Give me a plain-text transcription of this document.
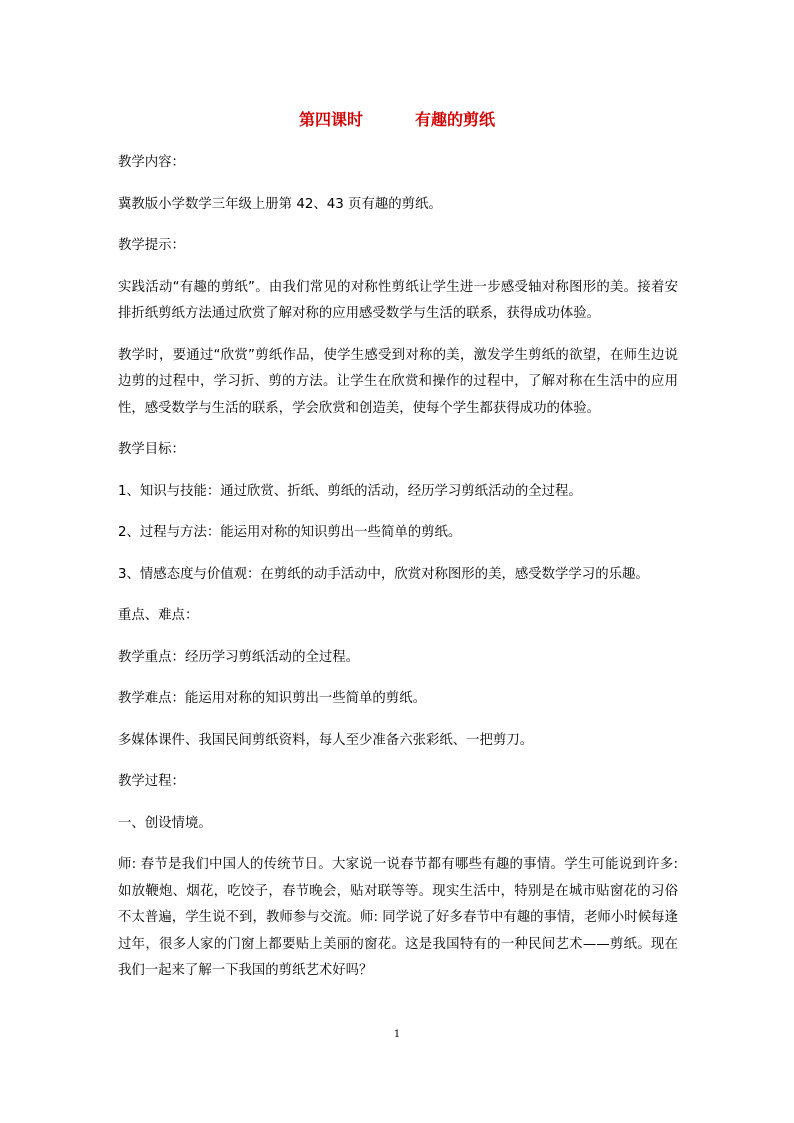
第四课时	有趣的剪纸

教学内容：

冀教版小学数学三年级上册第 42、43 页有趣的剪纸。

教学提示：

实践活动“有趣的剪纸”。由我们常见的对称性剪纸让学生进一步感受轴对称图形的美。接着安排折纸剪纸方法通过欣赏了解对称的应用感受数学与生活的联系，获得成功体验。

教学时，要通过“欣赏”剪纸作品，使学生感受到对称的美，激发学生剪纸的欲望，在师生边说边剪的过程中，学习折、剪的方法。让学生在欣赏和操作的过程中，了解对称在生活中的应用性，感受数学与生活的联系，学会欣赏和创造美，使每个学生都获得成功的体验。

教学目标：

1、知识与技能：通过欣赏、折纸、剪纸的活动，经历学习剪纸活动的全过程。

2、过程与方法：能运用对称的知识剪出一些简单的剪纸。

3、情感态度与价值观：在剪纸的动手活动中，欣赏对称图形的美，感受数学学习的乐趣。

重点、难点：

教学重点：经历学习剪纸活动的全过程。

教学难点：能运用对称的知识剪出一些简单的剪纸。

多媒体课件、我国民间剪纸资料，每人至少准备六张彩纸、一把剪刀。

教学过程：

一、创设情境。

师: 春节是我们中国人的传统节日。大家说一说春节都有哪些有趣的事情。学生可能说到许多: 如放鞭炮、烟花，吃饺子，春节晚会，贴对联等等。现实生活中，特别是在城市贴窗花的习俗不太普遍，学生说不到，教师参与交流。师: 同学说了好多春节中有趣的事情，老师小时候每逢过年，很多人家的门窗上都要贴上美丽的窗花。这是我国特有的一种民间艺术——剪纸。现在我们一起来了解一下我国的剪纸艺术好吗？

1
